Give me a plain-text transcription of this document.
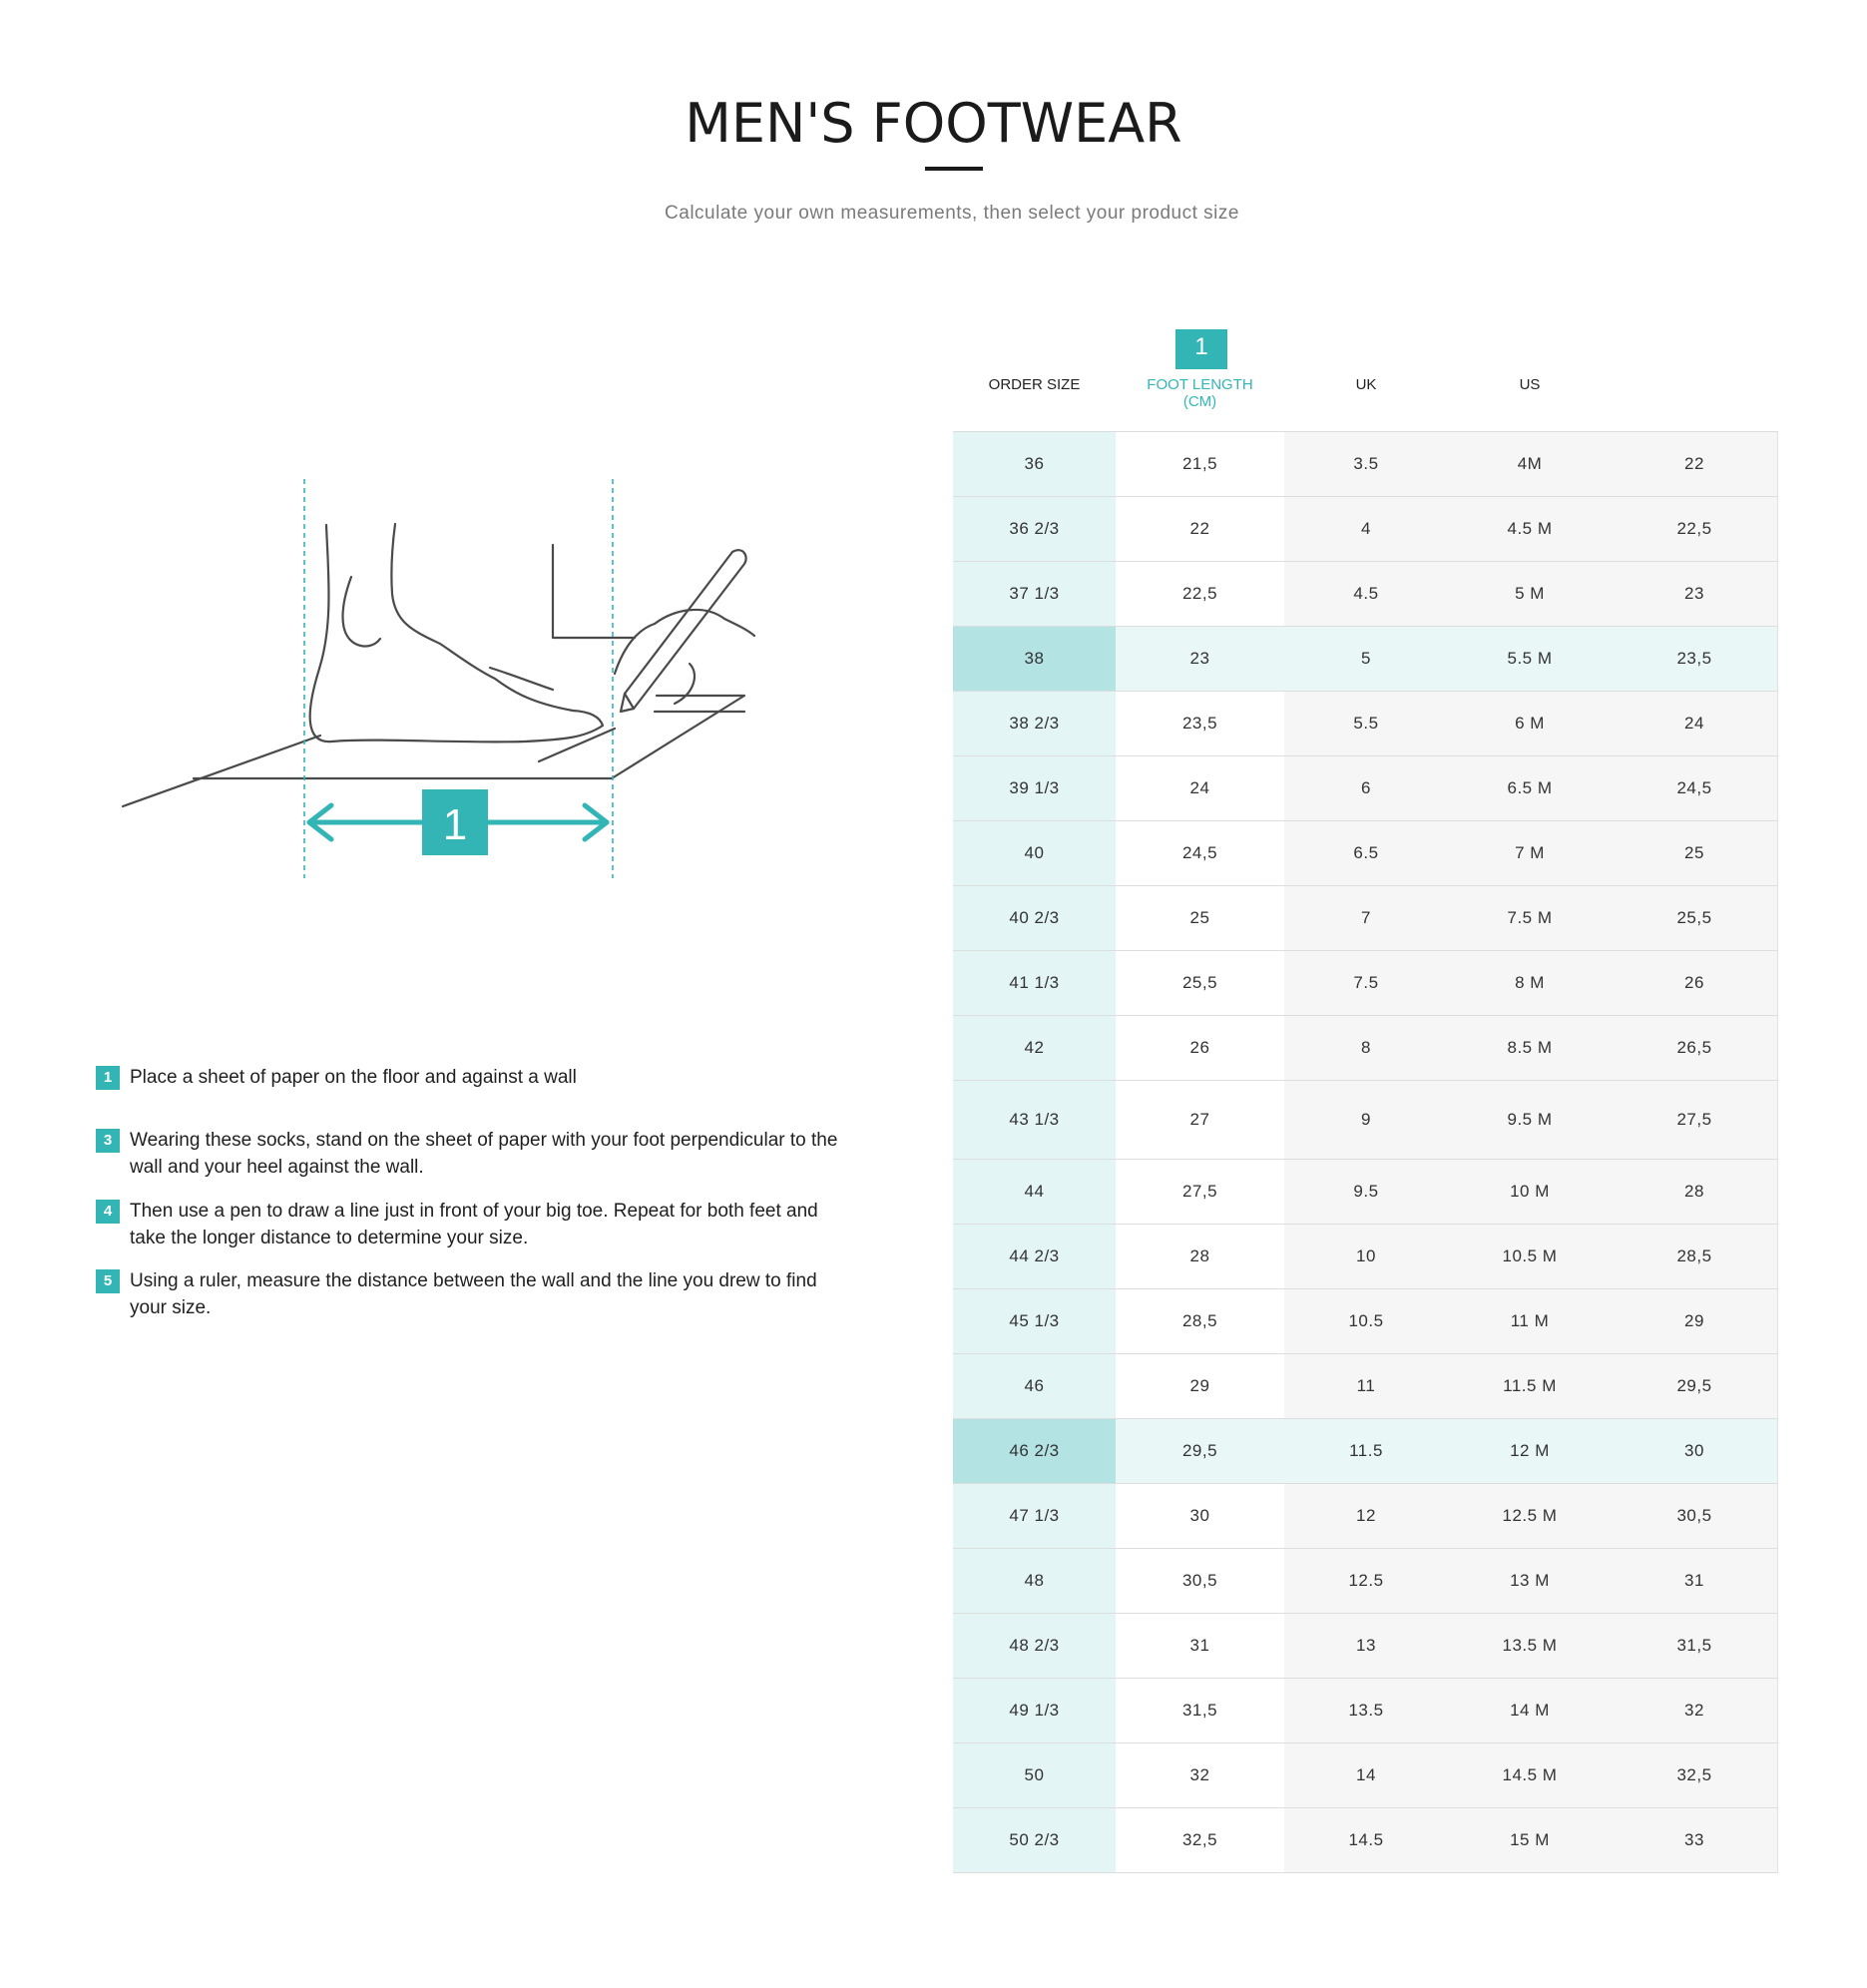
MEN'S FOOTWEAR
Calculate your own measurements, then select your product size
1
1 Place a sheet of paper on the floor and against a wall
3 Wearing these socks, stand on the sheet of paper with your foot perpendicular to the wall and your heel against the wall.
4 Then use a pen to draw a line just in front of your big toe. Repeat for both feet and take the longer distance to determine your size.
5 Using a ruler, measure the distance between the wall and the line you drew to find your size.
1
ORDER SIZE	FOOT LENGTH
(CM)
UK	US
36	21,5	3.5	4M	22
36 2/3	22	4	4.5 M	22,5
37 1/3	22,5	4.5	5 M	23
38	23	5	5.5 M	23,5
38 2/3	23,5	5.5	6 M	24
39 1/3	24	6	6.5 M	24,5
40	24,5	6.5	7 M	25
40 2/3	25	7	7.5 M	25,5
41 1/3	25,5	7.5	8 M	26
42	26	8	8.5 M	26,5
43 1/3	27	9	9.5 M	27,5
44	27,5	9.5	10 M	28
44 2/3	28	10	10.5 M	28,5
45 1/3	28,5	10.5	11 M	29
46	29	11	11.5 M	29,5
46 2/3	29,5	11.5	12 M	30
47 1/3	30	12	12.5 M	30,5
48	30,5	12.5	13 M	31
48 2/3	31	13	13.5 M	31,5
49 1/3	31,5	13.5	14 M	32
50	32	14	14.5 M	32,5
50 2/3	32,5	14.5	15 M	33
